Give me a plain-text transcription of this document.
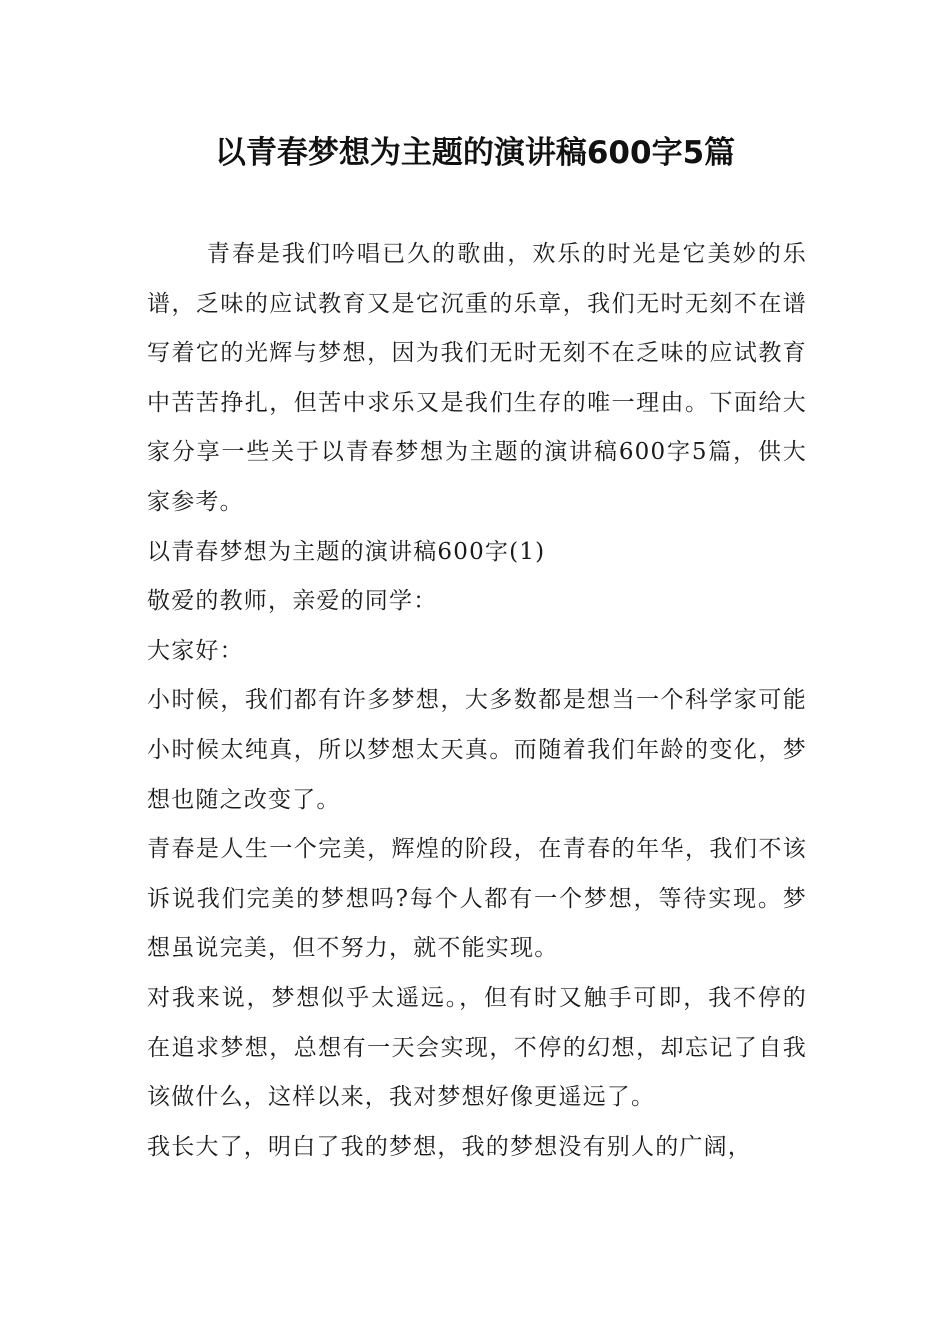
以青春梦想为主题的演讲稿600字5篇

青春是我们吟唱已久的歌曲，欢乐的时光是它美妙的乐谱，乏味的应试教育又是它沉重的乐章，我们无时无刻不在谱写着它的光辉与梦想，因为我们无时无刻不在乏味的应试教育中苦苦挣扎，但苦中求乐又是我们生存的唯一理由。下面给大家分享一些关于以青春梦想为主题的演讲稿600字5篇，供大家参考。

以青春梦想为主题的演讲稿600字(1)

敬爱的教师，亲爱的同学：

大家好：

小时候，我们都有许多梦想，大多数都是想当一个科学家可能小时候太纯真，所以梦想太天真。而随着我们年龄的变化，梦想也随之改变了。

青春是人生一个完美，辉煌的阶段，在青春的年华，我们不该诉说我们完美的梦想吗?每个人都有一个梦想，等待实现。梦想虽说完美，但不努力，就不能实现。

对我来说，梦想似乎太遥远。，但有时又触手可即，我不停的在追求梦想，总想有一天会实现，不停的幻想，却忘记了自我该做什么，这样以来，我对梦想好像更遥远了。

我长大了，明白了我的梦想，我的梦想没有别人的广阔，
